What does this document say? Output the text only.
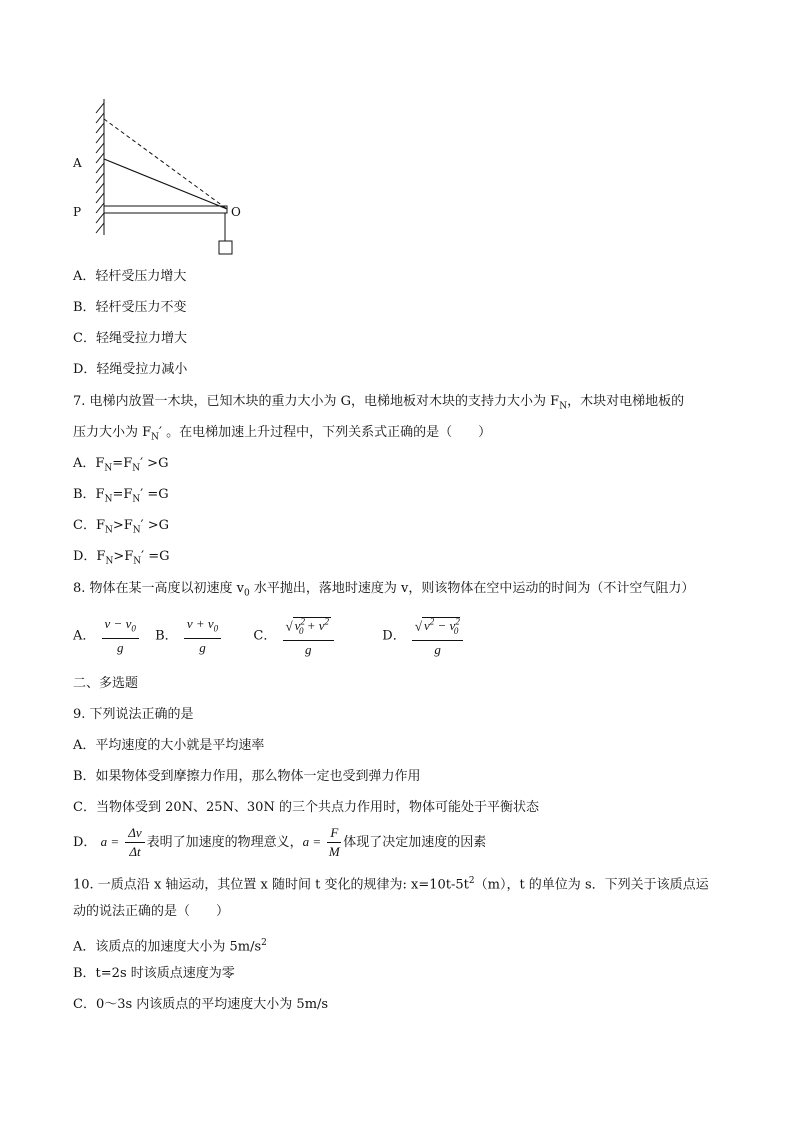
A
P	O
A．轻杆受压力增大
B．轻杆受压力不变
C．轻绳受拉力增大
D．轻绳受拉力减小
7. 电梯内放置一木块，已知木块的重力大小为 G，电梯地板对木块的支持力大小为 $F_N$，木块对电梯地板的
压力大小为 $F_N'$ 。在电梯加速上升过程中，下列关系式正确的是（　　）
A．$F_N=F_N' >G$
B．$F_N=F_N' =G$
C．$F_N>F_N' >G$
D．$F_N>F_N' =G$
8. 物体在某一高度以初速度 $v_0$ 水平抛出，落地时速度为 v，则该物体在空中运动的时间为（不计空气阻力）
A． $\frac{v - v_0}{g}$ B． $\frac{v + v_0}{g}$ C． $\frac{√ v^2_0 + v^2}{g}$	D． $\frac{√ v^2 - v^2_0}{g}$
二、多选题
9. 下列说法正确的是
A．平均速度的大小就是平均速率
B．如果物体受到摩擦力作用，那么物体一定也受到弹力作用
C．当物体受到 20N、25N、30N 的三个共点力作用时，物体可能处于平衡状态
D． $a = \frac{\Delta v}{\Delta t}$ 表明了加速度的物理意义，$a = \frac{F}{M}$ 体现了决定加速度的因素
10. 一质点沿 x 轴运动，其位置 x 随时间 t 变化的规律为: $x=10t-5t^2(m)$，t 的单位为 s．下列关于该质点运
动的说法正确的是（　　）
A．该质点的加速度大小为 $5m/s^2$
B．t=2s 时该质点速度为零
C．0～3s 内该质点的平均速度大小为 5m/s
